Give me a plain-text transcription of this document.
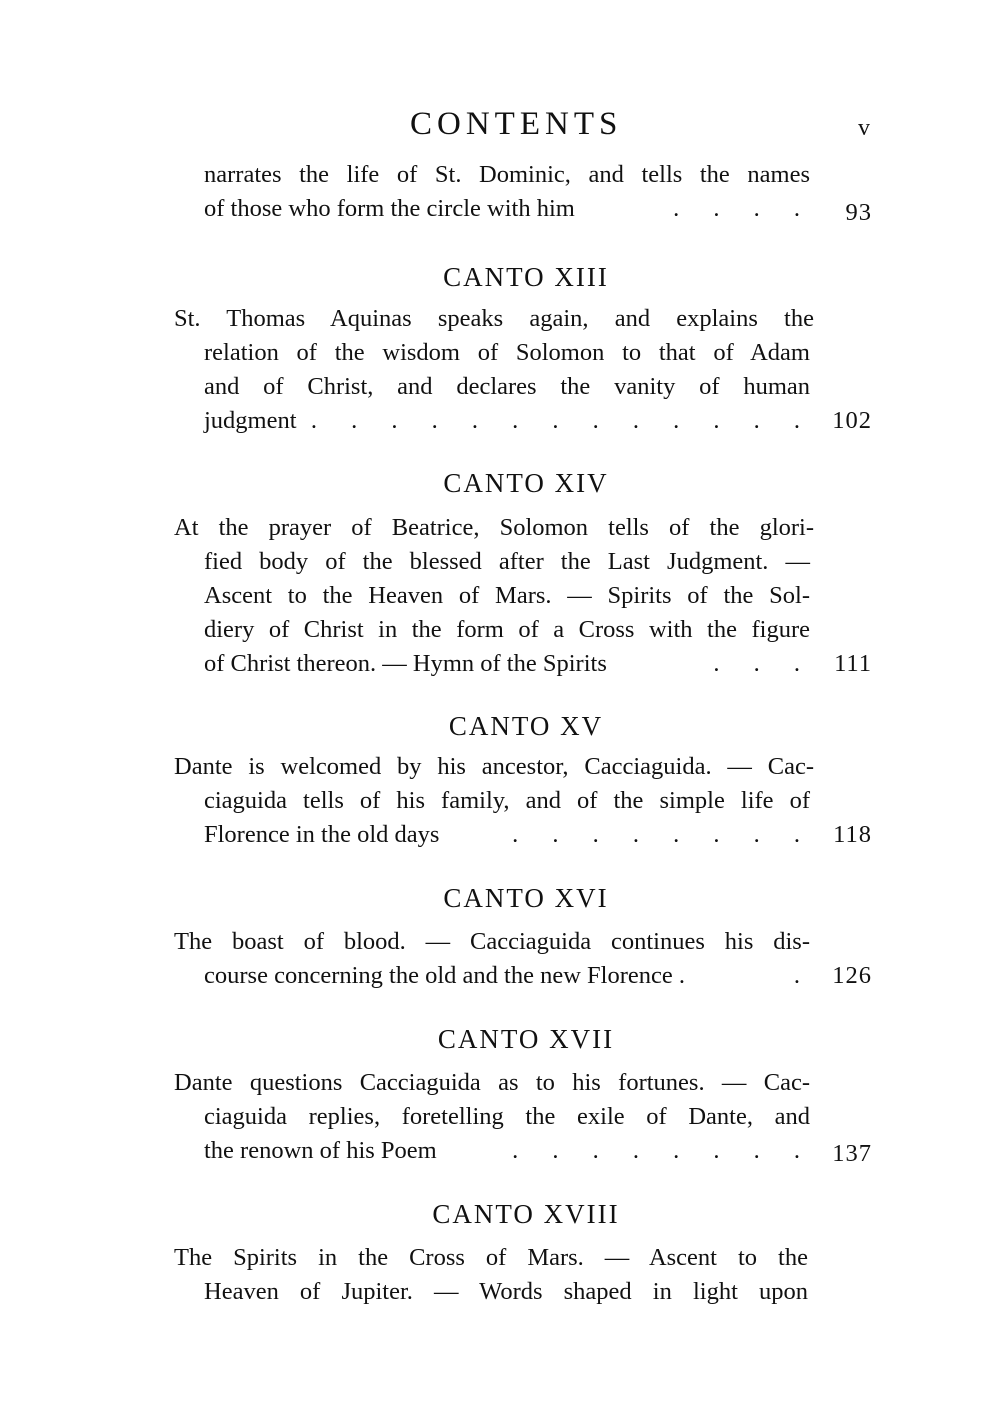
CONTENTS	v
narrates the life of St. Dominic, and tells the names
of those who form the circle with him	. . . . 93
CANTO XIII
St. Thomas Aquinas speaks again, and explains the
relation of the wisdom of Solomon to that of Adam
and of Christ, and declares the vanity of human
judgment . . . . . . . . . . . . . 102
CANTO XIV
At the prayer of Beatrice, Solomon tells of the glori-
fied body of the blessed after the Last Judgment. —
Ascent to the Heaven of Mars. — Spirits of the Sol-
diery of Christ in the form of a Cross with the figure
of Christ thereon. — Hymn of the Spirits	. . . 111
CANTO XV
Dante is welcomed by his ancestor, Cacciaguida. — Cac-
ciaguida tells of his family, and of the simple life of
Florence in the old days	. . . . . . . . 118
CANTO XVI
The boast of blood. — Cacciaguida continues his dis-
course concerning the old and the new Florence .	. 126
CANTO XVII
Dante questions Cacciaguida as to his fortunes. — Cac-
ciaguida replies, foretelling the exile of Dante, and
the renown of his Poem	. . . . . . . . 137
CANTO XVIII
The Spirits in the Cross of Mars. — Ascent to the
Heaven of Jupiter. — Words shaped in light upon
